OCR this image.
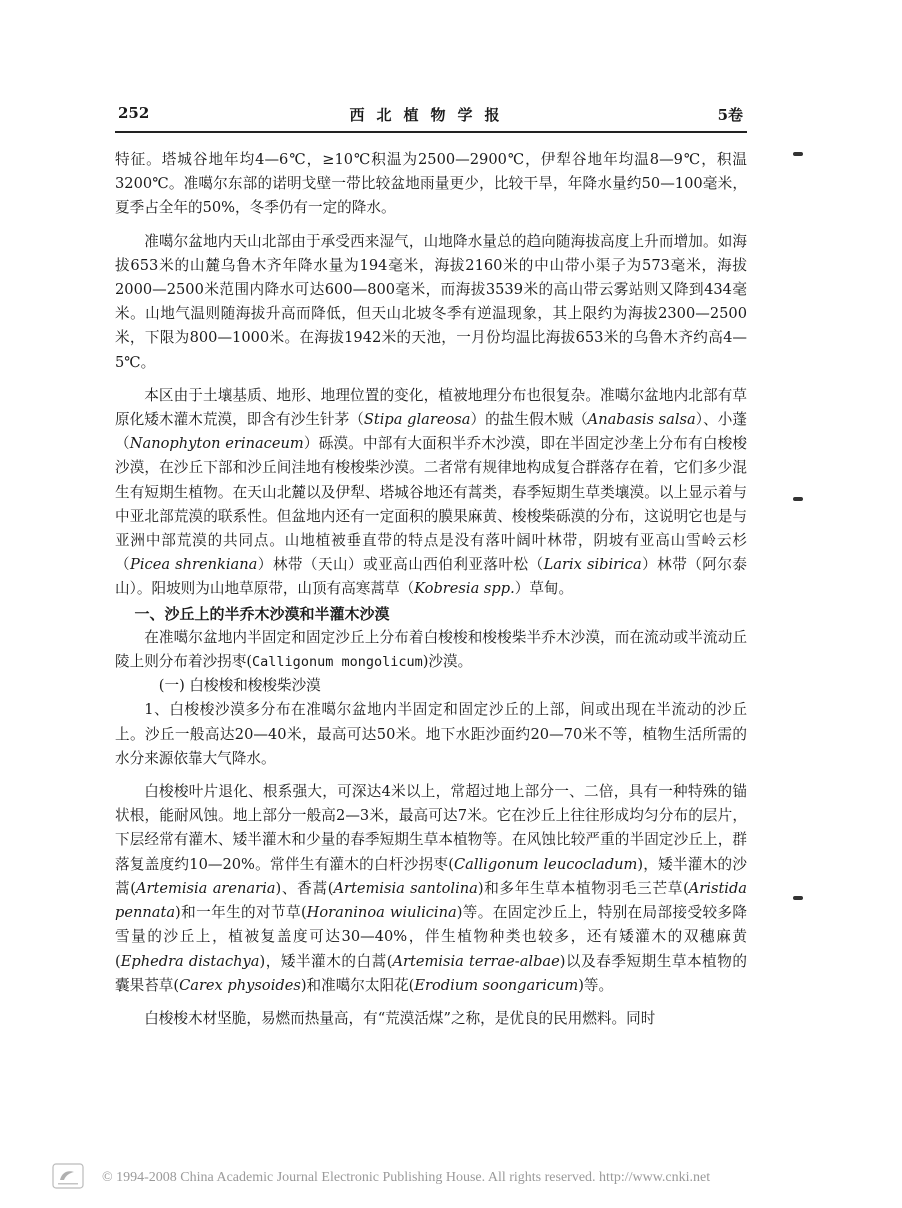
252	西北植物学报	5卷

特征。塔城谷地年均4—6℃，≥10℃积温为2500—2900℃，伊犁谷地年均温8—9℃，积温3200℃。准噶尔东部的诺明戈壁一带比较盆地雨量更少，比较干旱，年降水量约50—100毫米，夏季占全年的50%，冬季仍有一定的降水。

准噶尔盆地内天山北部由于承受西来湿气，山地降水量总的趋向随海拔高度上升而增加。如海拔653米的山麓乌鲁木齐年降水量为194毫米，海拔2160米的中山带小渠子为573毫米，海拔2000—2500米范围内降水可达600—800毫米，而海拔3539米的高山带云雾站则又降到434毫米。山地气温则随海拔升高而降低，但天山北坡冬季有逆温现象，其上限约为海拔2300—2500米，下限为800—1000米。在海拔1942米的天池，一月份均温比海拔653米的乌鲁木齐约高4—5℃。

本区由于土壤基质、地形、地理位置的变化，植被地理分布也很复杂。准噶尔盆地内北部有草原化矮木灌木荒漠，即含有沙生针茅（Stipa glareosa）的盐生假木贼（Anabasis salsa）、小蓬（Nanophyton erinaceum）砾漠。中部有大面积半乔木沙漠，即在半固定沙垄上分布有白梭梭沙漠，在沙丘下部和沙丘间洼地有梭梭柴沙漠。二者常有规律地构成复合群落存在着，它们多少混生有短期生植物。在天山北麓以及伊犁、塔城谷地还有蒿类，春季短期生草类壤漠。以上显示着与中亚北部荒漠的联系性。但盆地内还有一定面积的膜果麻黄、梭梭柴砾漠的分布，这说明它也是与亚洲中部荒漠的共同点。山地植被垂直带的特点是没有落叶阔叶林带，阴坡有亚高山雪岭云杉（Picea shrenkiana）林带（天山）或亚高山西伯利亚落叶松（Larix sibirica）林带（阿尔泰山）。阳坡则为山地草原带，山顶有高寒蒿草（Kobresia spp.）草甸。

一、沙丘上的半乔木沙漠和半灌木沙漠

在准噶尔盆地内半固定和固定沙丘上分布着白梭梭和梭梭柴半乔木沙漠，而在流动或半流动丘陵上则分布着沙拐枣(Calligonum mongolicum)沙漠。

(一) 白梭梭和梭梭柴沙漠

1、白梭梭沙漠多分布在准噶尔盆地内半固定和固定沙丘的上部，间或出现在半流动的沙丘上。沙丘一般高达20—40米，最高可达50米。地下水距沙面约20—70米不等，植物生活所需的水分来源依靠大气降水。

白梭梭叶片退化、根系强大，可深达4米以上，常超过地上部分一、二倍，具有一种特殊的锚状根，能耐风蚀。地上部分一般高2—3米，最高可达7米。它在沙丘上往往形成均匀分布的层片，下层经常有灌木、矮半灌木和少量的春季短期生草本植物等。在风蚀比较严重的半固定沙丘上，群落复盖度约10—20%。常伴生有灌木的白杆沙拐枣(Calligonum leucocladum)，矮半灌木的沙蒿(Artemisia arenaria)、香蒿(Artemisia santolina)和多年生草本植物羽毛三芒草(Aristida pennata)和一年生的对节草(Horaninoa wiulicina)等。在固定沙丘上，特别在局部接受较多降雪量的沙丘上，植被复盖度可达30—40%，伴生植物种类也较多，还有矮灌木的双穗麻黄(Ephedra distachya)，矮半灌木的白蒿(Artemisia terrae-albae)以及春季短期生草本植物的囊果苔草(Carex physoides)和准噶尔太阳花(Erodium soongaricum)等。

白梭梭木材坚脆，易燃而热量高，有“荒漠活煤”之称，是优良的民用燃料。同时

© 1994-2008 China Academic Journal Electronic Publishing House. All rights reserved. http://www.cnki.net
